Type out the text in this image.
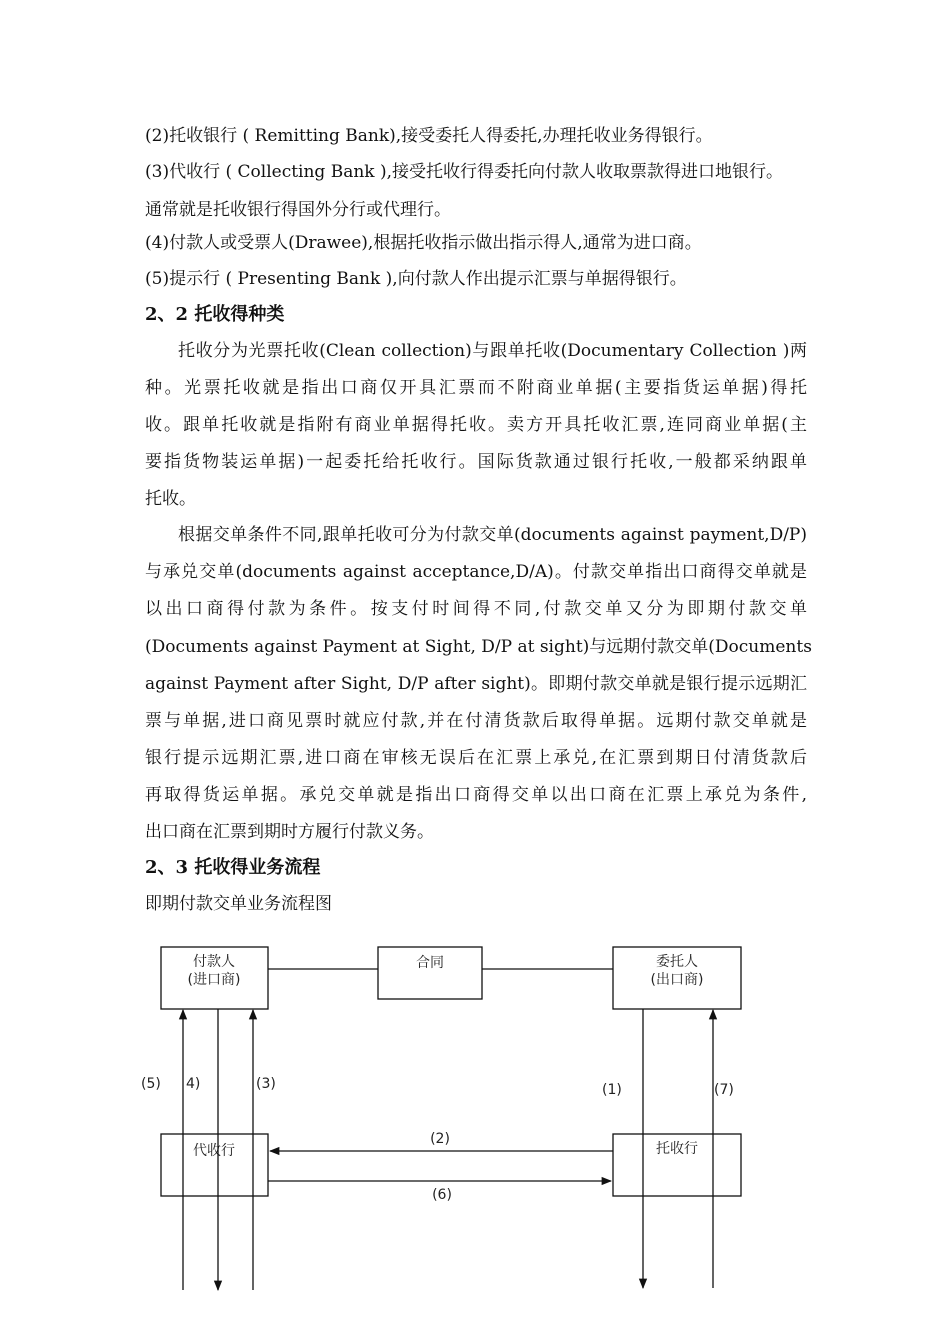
(2)托收银行 ( Remitting Bank),接受委托人得委托,办理托收业务得银行。
(3)代收行 ( Collecting Bank ),接受托收行得委托向付款人收取票款得进口地银行。
通常就是托收银行得国外分行或代理行。
(4)付款人或受票人(Drawee),根据托收指示做出指示得人,通常为进口商。
(5)提示行 ( Presenting Bank ),向付款人作出提示汇票与单据得银行。
2、2 托收得种类
托收分为光票托收(Clean collection)与跟单托收(Documentary Collection )两
种。光票托收就是指出口商仅开具汇票而不附商业单据(主要指货运单据)得托
收。跟单托收就是指附有商业单据得托收。卖方开具托收汇票,连同商业单据(主
要指货物装运单据)一起委托给托收行。国际货款通过银行托收,一般都采纳跟单
托收。
根据交单条件不同,跟单托收可分为付款交单(documents against payment,D/P)
与承兑交单(documents against acceptance,D/A)。付款交单指出口商得交单就是
以出口商得付款为条件。按支付时间得不同,付款交单又分为即期付款交单
(Documents against Payment at Sight, D/P at sight)与远期付款交单(Documents
against Payment after Sight, D/P after sight)。即期付款交单就是银行提示远期汇
票与单据,进口商见票时就应付款,并在付清货款后取得单据。远期付款交单就是
银行提示远期汇票,进口商在审核无误后在汇票上承兑,在汇票到期日付清货款后
再取得货运单据。承兑交单就是指出口商得交单以出口商在汇票上承兑为条件,
出口商在汇票到期时方履行付款义务。
2、3 托收得业务流程
即期付款交单业务流程图
付款人
(进口商)
合同	委托人
(出口商)
代收行	托收行
(5) 4)	(3)	(1)	(7)
(2)
(6)
